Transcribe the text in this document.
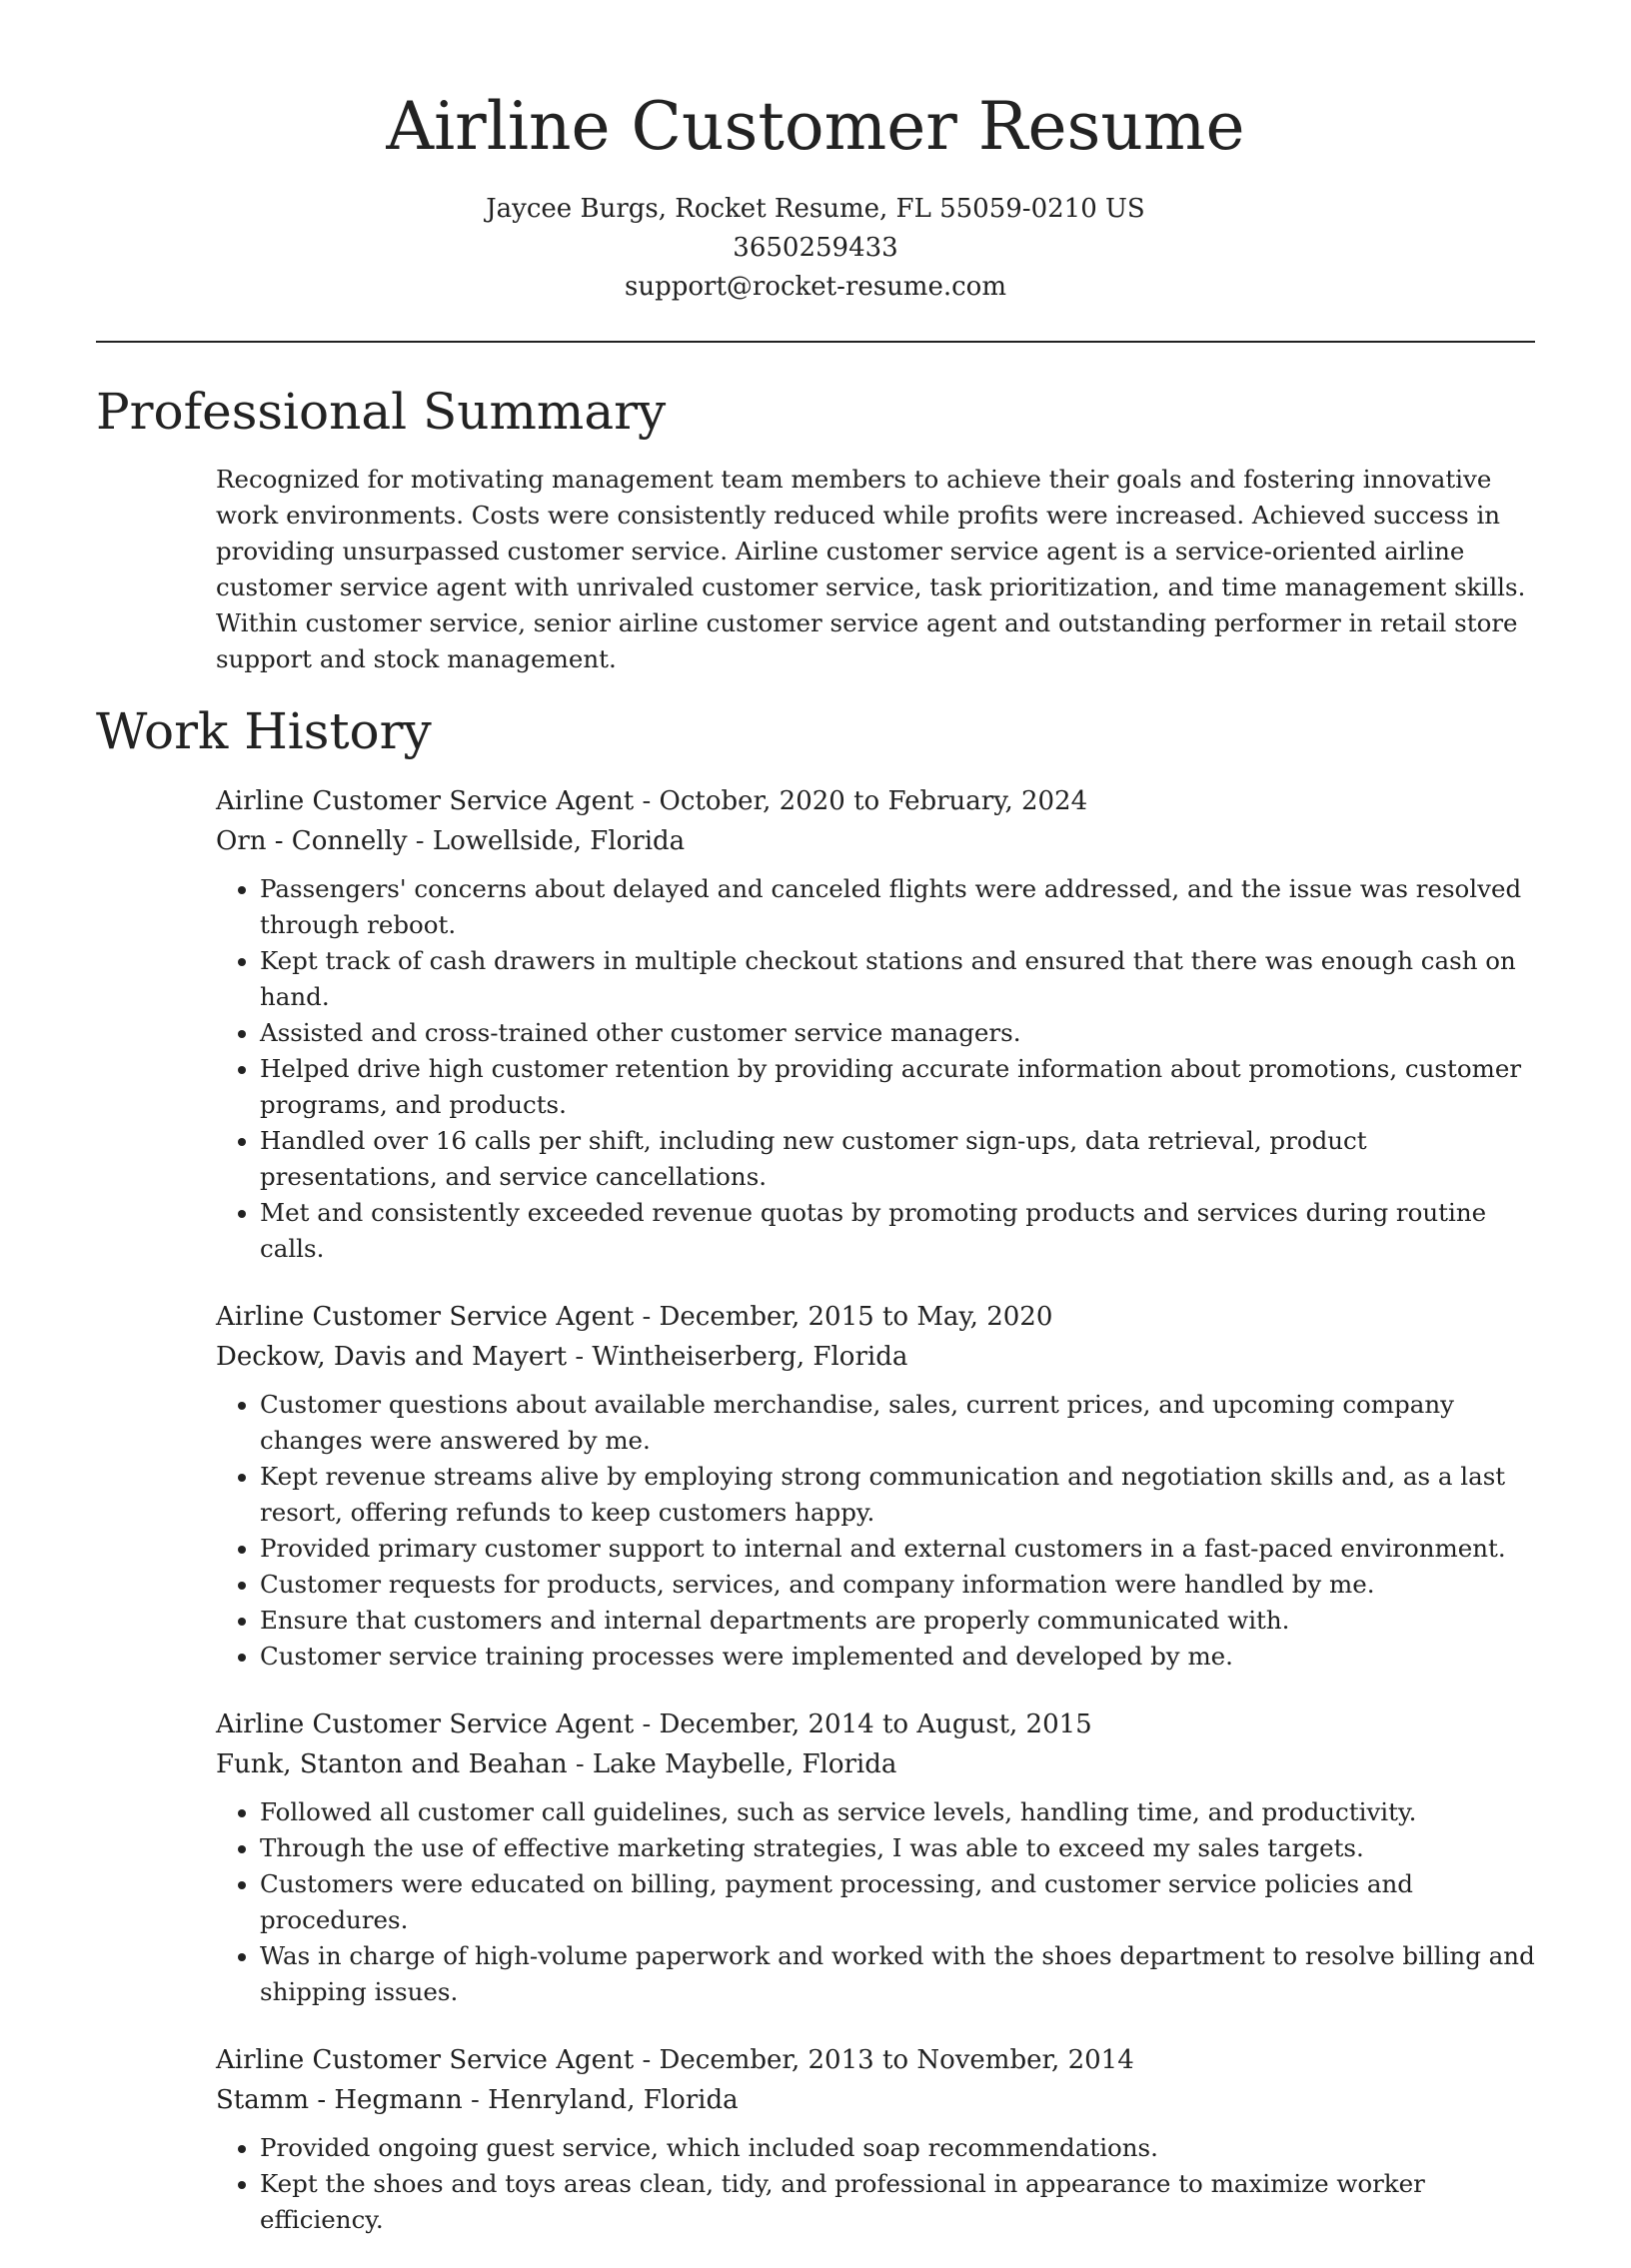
Airline Customer Resume
Jaycee Burgs, Rocket Resume, FL 55059-0210 US
3650259433
support@rocket-resume.com
Professional Summary

Recognized for motivating management team members to achieve their goals and fostering innovative work environments. Costs were consistently reduced while profits were increased. Achieved success in providing unsurpassed customer service. Airline customer service agent is a service-oriented airline customer service agent with unrivaled customer service, task prioritization, and time management skills. Within customer service, senior airline customer service agent and outstanding performer in retail store support and stock management.

Work History
Airline Customer Service Agent - October, 2020 to February, 2024
Orn - Connelly - Lowellside, Florida
• Passengers' concerns about delayed and canceled flights were addressed, and the issue was resolved through reboot.
• Kept track of cash drawers in multiple checkout stations and ensured that there was enough cash on hand.
• Assisted and cross-trained other customer service managers.
• Helped drive high customer retention by providing accurate information about promotions, customer programs, and products.
• Handled over 16 calls per shift, including new customer sign-ups, data retrieval, product presentations, and service cancellations.
• Met and consistently exceeded revenue quotas by promoting products and services during routine calls.
Airline Customer Service Agent - December, 2015 to May, 2020
Deckow, Davis and Mayert - Wintheiserberg, Florida
• Customer questions about available merchandise, sales, current prices, and upcoming company changes were answered by me.
• Kept revenue streams alive by employing strong communication and negotiation skills and, as a last resort, offering refunds to keep customers happy.
• Provided primary customer support to internal and external customers in a fast-paced environment.
• Customer requests for products, services, and company information were handled by me.
• Ensure that customers and internal departments are properly communicated with.
• Customer service training processes were implemented and developed by me.
Airline Customer Service Agent - December, 2014 to August, 2015
Funk, Stanton and Beahan - Lake Maybelle, Florida
• Followed all customer call guidelines, such as service levels, handling time, and productivity.
• Through the use of effective marketing strategies, I was able to exceed my sales targets.
• Customers were educated on billing, payment processing, and customer service policies and procedures.
• Was in charge of high-volume paperwork and worked with the shoes department to resolve billing and shipping issues.
Airline Customer Service Agent - December, 2013 to November, 2014
Stamm - Hegmann - Henryland, Florida
• Provided ongoing guest service, which included soap recommendations.
• Kept the shoes and toys areas clean, tidy, and professional in appearance to maximize worker efficiency.
